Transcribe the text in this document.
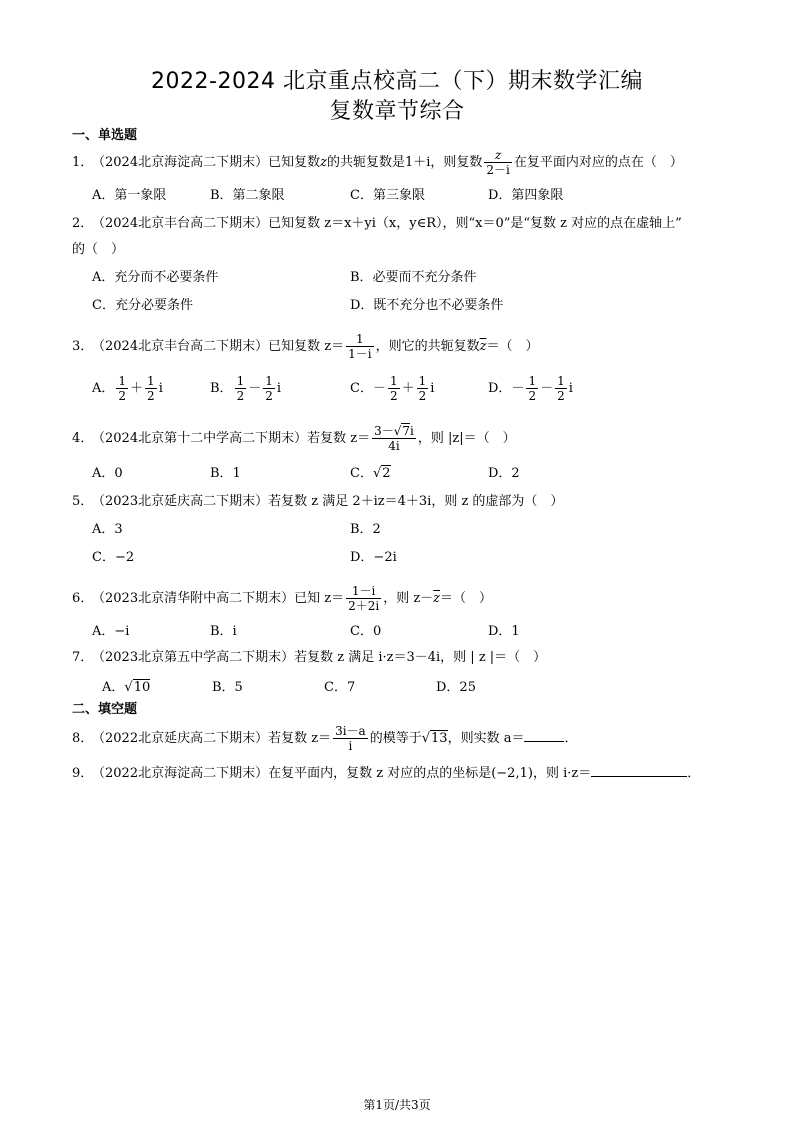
2022-2024 北京重点校高二（下）期末数学汇编
复数章节综合
一、单选题
1．（2024北京海淀高二下期末）已知复数z的共轭复数是1＋i，则复数 $\frac{z}{2-i}$ 在复平面内对应的点在（　）
A．第一象限	B．第二象限	C．第三象限	D．第四象限
2．（2024北京丰台高二下期末）已知复数 z＝x＋yi（x，y∈R），则“x＝0”是“复数 z 对应的点在虚轴上”
的（　）
A．充分而不必要条件	B．必要而不充分条件
C．充分必要条件	D．既不充分也不必要条件
3．（2024北京丰台高二下期末）已知复数 $z= \frac{1}{1-i}$ ，则它的共轭复数$\overline{z}=$（　）
A． $\frac{1}{2} + \frac{1}{2}$ i	B． $\frac{1}{2} - \frac{1}{2}$ i	C．－ $\frac{1}{2} + \frac{1}{2}$ i	D．－ $\frac{1}{2} - \frac{1}{2}$ i
4．（2024北京第十二中学高二下期末）若复数 $z= \frac{3-√7i}{4i}$ ，则 |z|＝（　）
A．0	B．1	C．√2	D．2
5．（2023北京延庆高二下期末）若复数 z 满足 2＋iz＝4＋3i，则 z 的虚部为（　）
A．3	B．2
C．−2	D．−2i
6．（2023北京清华附中高二下期末）已知 $z= \frac{1-i}{2+2i}$ ，则 $z-\overline{z}=$（　）
A．−i	B．i	C．0	D．1
7．（2023北京第五中学高二下期末）若复数 z 满足 i·z＝3－4i，则 | z |＝（　）
A．√10	B．5	C．7	D．25
二、填空题
8．（2022北京延庆高二下期末）若复数 $z= \frac{3i-a}{i}$ 的模等于√13，则实数 a＝	．
9．（2022北京海淀高二下期末）在复平面内，复数 z 对应的点的坐标是(−2,1)，则 i·z＝	．
第1页/共3页
